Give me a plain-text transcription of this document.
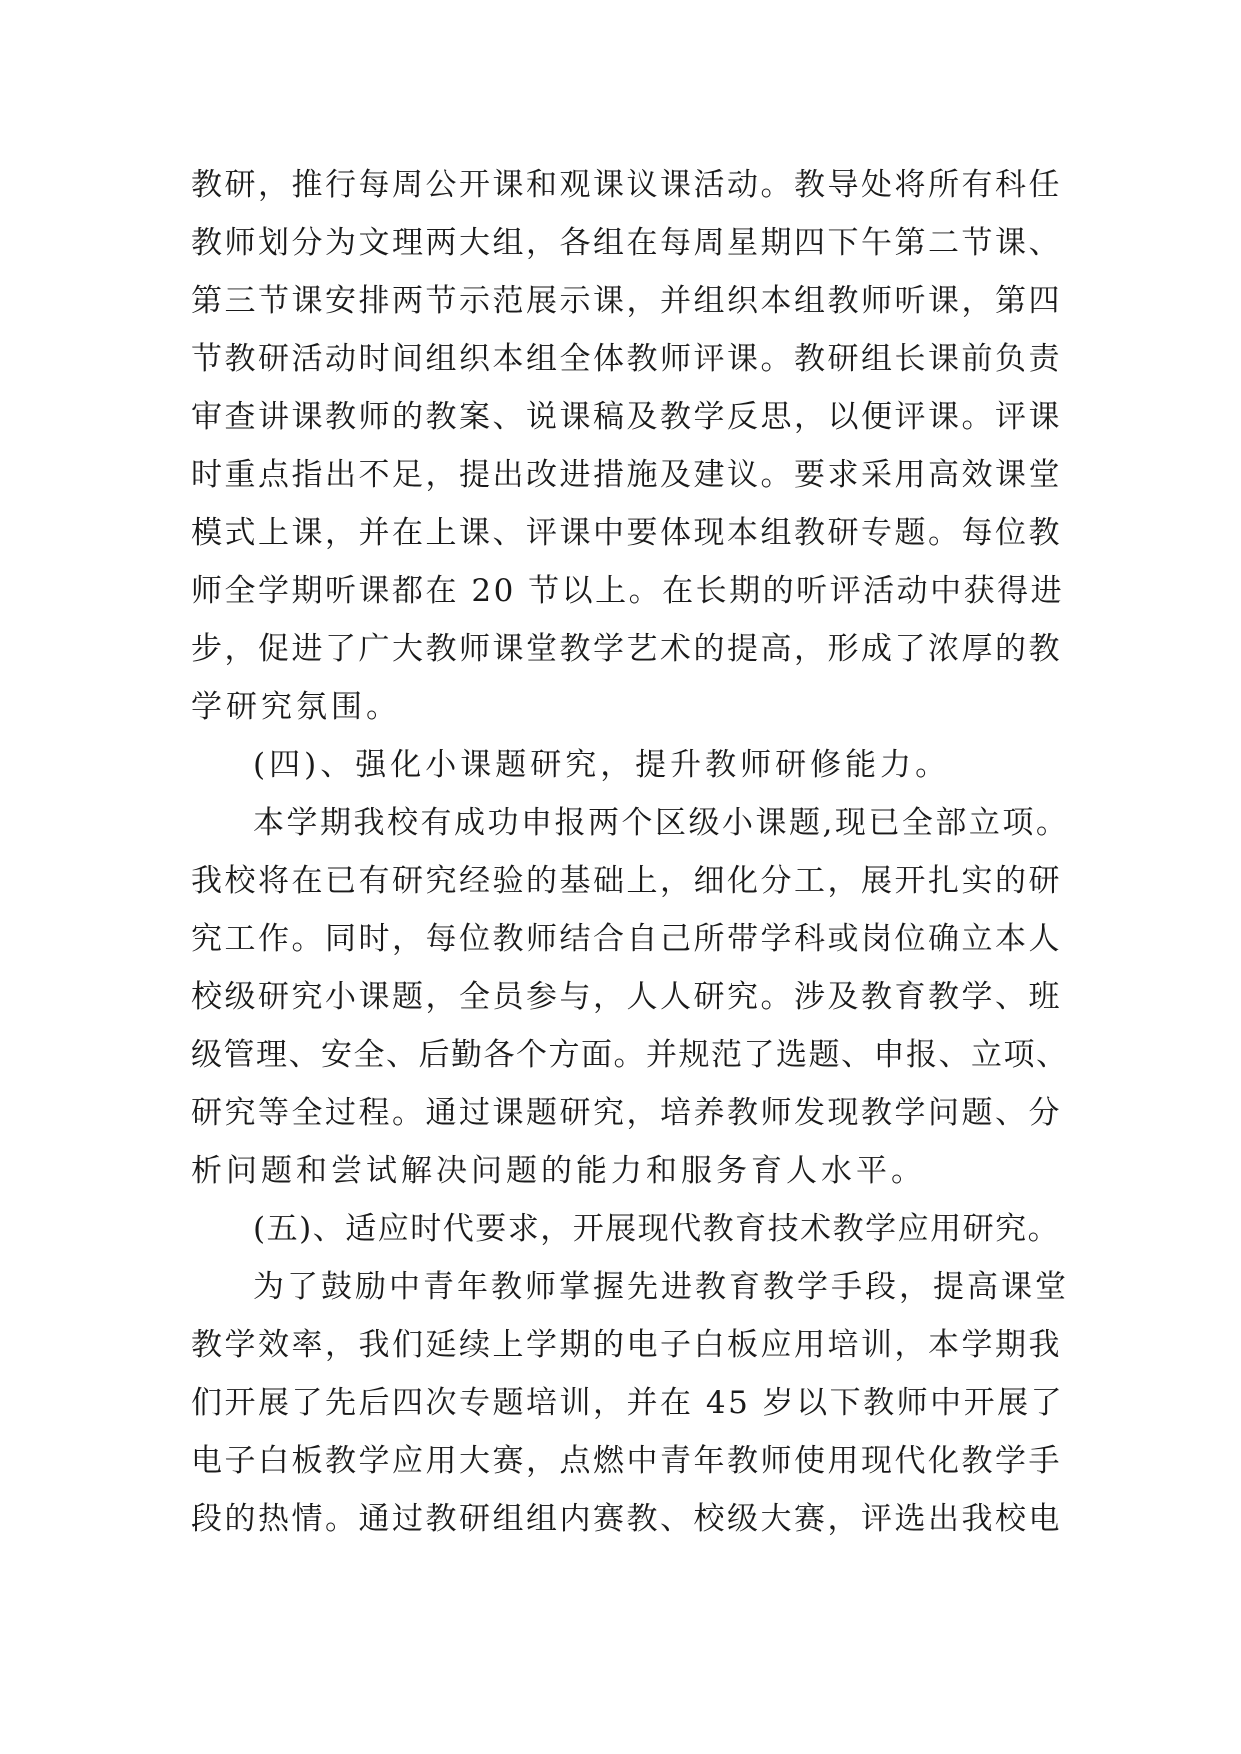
教研，推行每周公开课和观课议课活动。教导处将所有科任
教师划分为文理两大组，各组在每周星期四下午第二节课、
第三节课安排两节示范展示课，并组织本组教师听课，第四
节教研活动时间组织本组全体教师评课。教研组长课前负责
审查讲课教师的教案、说课稿及教学反思，以便评课。评课
时重点指出不足，提出改进措施及建议。要求采用高效课堂
模式上课，并在上课、评课中要体现本组教研专题。每位教
师全学期听课都在 20 节以上。在长期的听评活动中获得进
步，促进了广大教师课堂教学艺术的提高，形成了浓厚的教
学研究氛围。
(四)、强化小课题研究，提升教师研修能力。
本学期我校有成功申报两个区级小课题,现已全部立项。
我校将在已有研究经验的基础上，细化分工，展开扎实的研
究工作。同时，每位教师结合自己所带学科或岗位确立本人
校级研究小课题，全员参与，人人研究。涉及教育教学、班
级管理、安全、后勤各个方面。并规范了选题、申报、立项、
研究等全过程。通过课题研究，培养教师发现教学问题、分
析问题和尝试解决问题的能力和服务育人水平。
(五)、适应时代要求，开展现代教育技术教学应用研究。
为了鼓励中青年教师掌握先进教育教学手段，提高课堂
教学效率，我们延续上学期的电子白板应用培训，本学期我
们开展了先后四次专题培训，并在 45 岁以下教师中开展了
电子白板教学应用大赛，点燃中青年教师使用现代化教学手
段的热情。通过教研组组内赛教、校级大赛，评选出我校电
